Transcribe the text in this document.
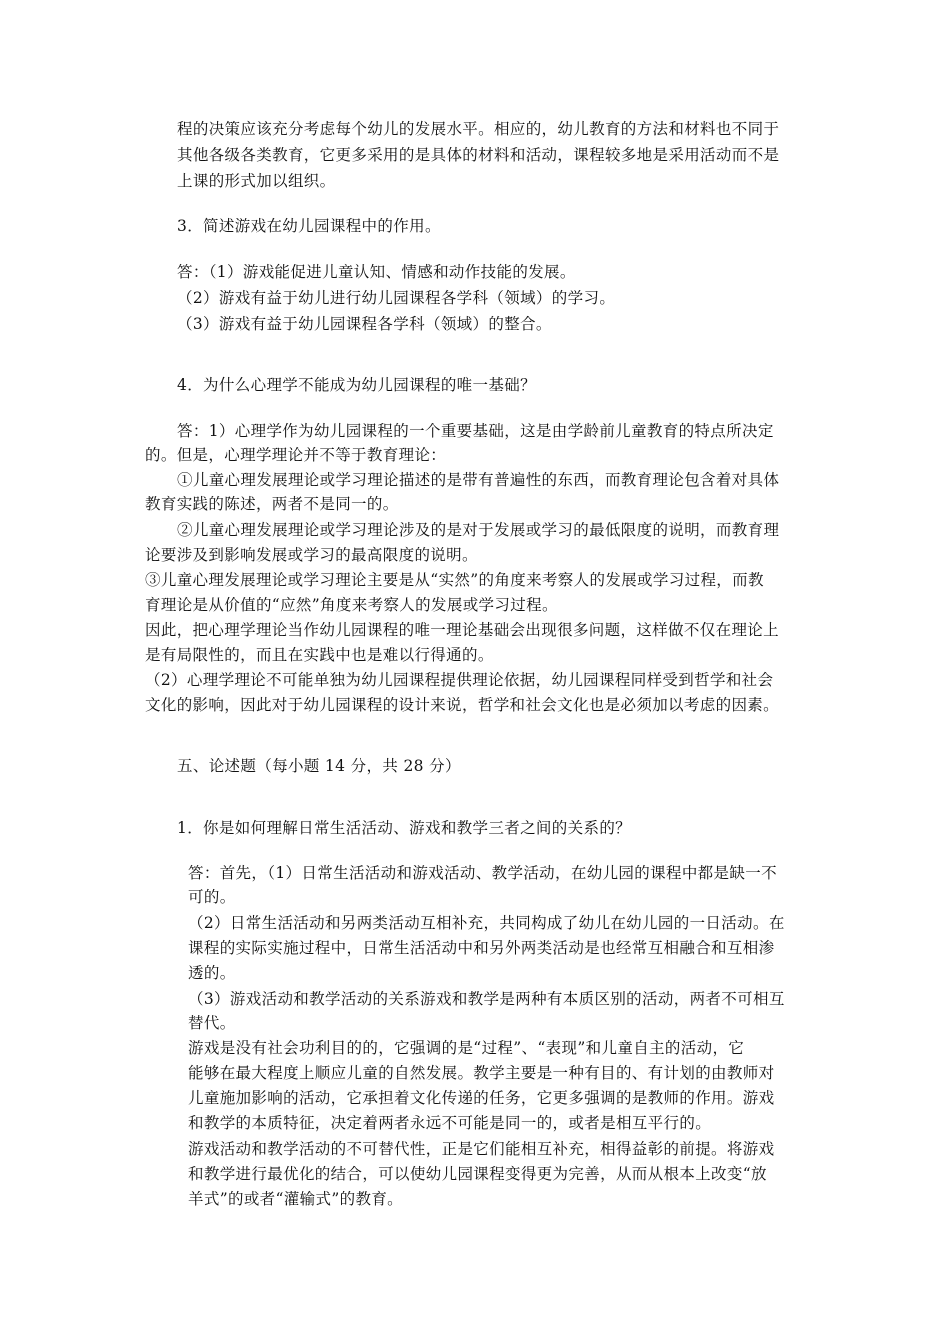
程的决策应该充分考虑每个幼儿的发展水平。相应的，幼儿教育的方法和材料也不同于
其他各级各类教育，它更多采用的是具体的材料和活动，课程较多地是采用活动而不是
上课的形式加以组织。
3．简述游戏在幼儿园课程中的作用。
答：（1）游戏能促进儿童认知、情感和动作技能的发展。
（2）游戏有益于幼儿进行幼儿园课程各学科（领域）的学习。
（3）游戏有益于幼儿园课程各学科（领域）的整合。
4．为什么心理学不能成为幼儿园课程的唯一基础？
答：1）心理学作为幼儿园课程的一个重要基础，这是由学龄前儿童教育的特点所决定
的。但是，心理学理论并不等于教育理论：
①儿童心理发展理论或学习理论描述的是带有普遍性的东西，而教育理论包含着对具体
教育实践的陈述，两者不是同一的。
②儿童心理发展理论或学习理论涉及的是对于发展或学习的最低限度的说明，而教育理
论要涉及到影响发展或学习的最高限度的说明。
③儿童心理发展理论或学习理论主要是从“实然”的角度来考察人的发展或学习过程，而教
育理论是从价值的“应然”角度来考察人的发展或学习过程。
因此，把心理学理论当作幼儿园课程的唯一理论基础会出现很多问题，这样做不仅在理论上
是有局限性的，而且在实践中也是难以行得通的。
（2）心理学理论不可能单独为幼儿园课程提供理论依据，幼儿园课程同样受到哲学和社会
文化的影响，因此对于幼儿园课程的设计来说，哲学和社会文化也是必须加以考虑的因素。
五、论述题（每小题 14 分，共 28 分）
1．你是如何理解日常生活活动、游戏和教学三者之间的关系的？
答：首先，（1）日常生活活动和游戏活动、教学活动，在幼儿园的课程中都是缺一不
可的。
（2）日常生活活动和另两类活动互相补充，共同构成了幼儿在幼儿园的一日活动。在
课程的实际实施过程中，日常生活活动中和另外两类活动是也经常互相融合和互相渗
透的。
（3）游戏活动和教学活动的关系游戏和教学是两种有本质区别的活动，两者不可相互
替代。
游戏是没有社会功利目的的，它强调的是“过程”、“表现”和儿童自主的活动，它
能够在最大程度上顺应儿童的自然发展。教学主要是一种有目的、有计划的由教师对
儿童施加影响的活动，它承担着文化传递的任务，它更多强调的是教师的作用。游戏
和教学的本质特征，决定着两者永远不可能是同一的，或者是相互平行的。
游戏活动和教学活动的不可替代性，正是它们能相互补充，相得益彰的前提。将游戏
和教学进行最优化的结合，可以使幼儿园课程变得更为完善，从而从根本上改变“放
羊式”的或者“灌输式”的教育。
